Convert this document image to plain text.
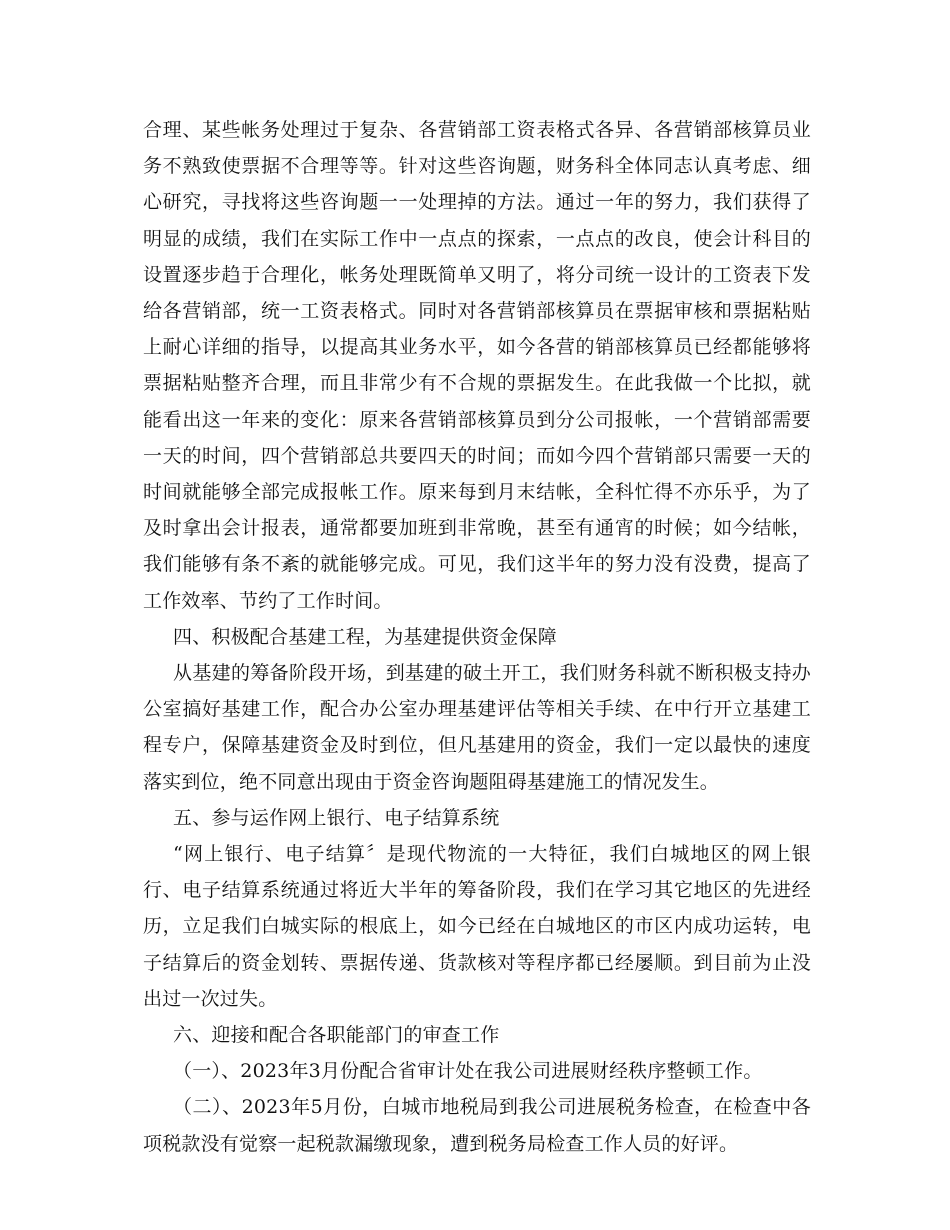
合理、某些帐务处理过于复杂、各营销部工资表格式各异、各营销部核算员业务不熟致使票据不合理等等。针对这些咨询题，财务科全体同志认真考虑、细心研究，寻找将这些咨询题一一处理掉的方法。通过一年的努力，我们获得了明显的成绩，我们在实际工作中一点点的探索，一点点的改良，使会计科目的设置逐步趋于合理化，帐务处理既简单又明了，将分司统一设计的工资表下发给各营销部，统一工资表格式。同时对各营销部核算员在票据审核和票据粘贴上耐心详细的指导，以提高其业务水平，如今各营的销部核算员已经都能够将票据粘贴整齐合理，而且非常少有不合规的票据发生。在此我做一个比拟，就能看出这一年来的变化：原来各营销部核算员到分公司报帐，一个营销部需要一天的时间，四个营销部总共要四天的时间；而如今四个营销部只需要一天的时间就能够全部完成报帐工作。原来每到月末结帐，全科忙得不亦乐乎，为了及时拿出会计报表，通常都要加班到非常晚，甚至有通宵的时候；如今结帐，我们能够有条不紊的就能够完成。可见，我们这半年的努力没有没费，提高了工作效率、节约了工作时间。

四、积极配合基建工程，为基建提供资金保障

从基建的筹备阶段开场，到基建的破土开工，我们财务科就不断积极支持办公室搞好基建工作，配合办公室办理基建评估等相关手续、在中行开立基建工程专户，保障基建资金及时到位，但凡基建用的资金，我们一定以最快的速度落实到位，绝不同意出现由于资金咨询题阻碍基建施工的情况发生。

五、参与运作网上银行、电子结算系统

“网上银行、电子结算〞是现代物流的一大特征，我们白城地区的网上银行、电子结算系统通过将近大半年的筹备阶段，我们在学习其它地区的先进经历，立足我们白城实际的根底上，如今已经在白城地区的市区内成功运转，电子结算后的资金划转、票据传递、货款核对等程序都已经屡顺。到目前为止没出过一次过失。

六、迎接和配合各职能部门的审查工作

（一）、2023年3月份配合省审计处在我公司进展财经秩序整顿工作。

（二）、2023年5月份，白城市地税局到我公司进展税务检查，在检查中各项税款没有觉察一起税款漏缴现象，遭到税务局检查工作人员的好评。
